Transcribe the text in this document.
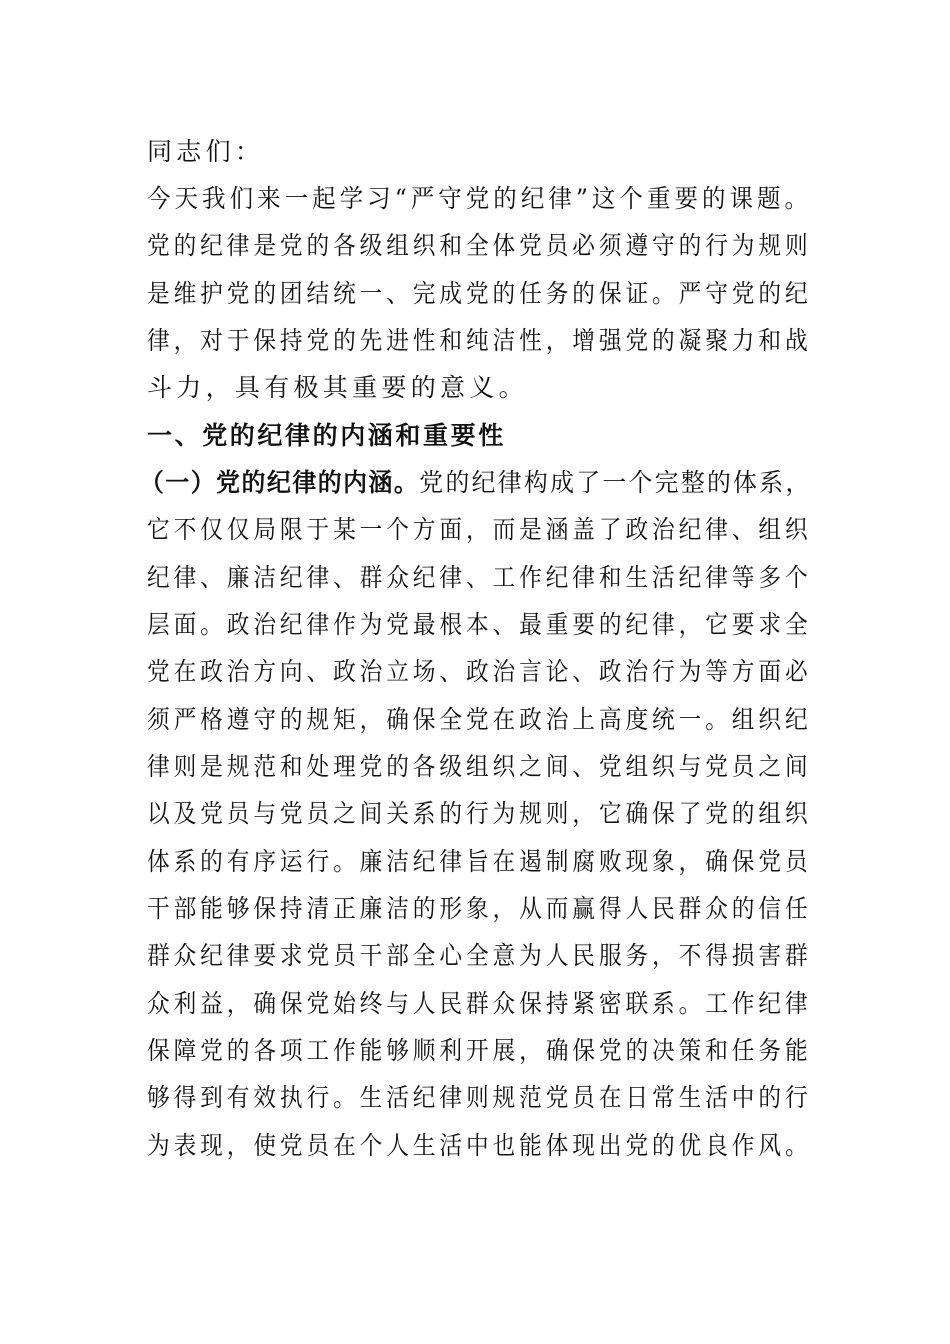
同志们：
今天我们来一起学习“严守党的纪律”这个重要的课题。
党的纪律是党的各级组织和全体党员必须遵守的行为规则
是维护党的团结统一、完成党的任务的保证。严守党的纪
律，对于保持党的先进性和纯洁性，增强党的凝聚力和战
斗力，具有极其重要的意义。
一、党的纪律的内涵和重要性
（一）党的纪律的内涵。党的纪律构成了一个完整的体系，
它不仅仅局限于某一个方面，而是涵盖了政治纪律、组织
纪律、廉洁纪律、群众纪律、工作纪律和生活纪律等多个
层面。政治纪律作为党最根本、最重要的纪律，它要求全
党在政治方向、政治立场、政治言论、政治行为等方面必
须严格遵守的规矩，确保全党在政治上高度统一。组织纪
律则是规范和处理党的各级组织之间、党组织与党员之间
以及党员与党员之间关系的行为规则，它确保了党的组织
体系的有序运行。廉洁纪律旨在遏制腐败现象，确保党员
干部能够保持清正廉洁的形象，从而赢得人民群众的信任
群众纪律要求党员干部全心全意为人民服务，不得损害群
众利益，确保党始终与人民群众保持紧密联系。工作纪律
保障党的各项工作能够顺利开展，确保党的决策和任务能
够得到有效执行。生活纪律则规范党员在日常生活中的行
为表现，使党员在个人生活中也能体现出党的优良作风。
